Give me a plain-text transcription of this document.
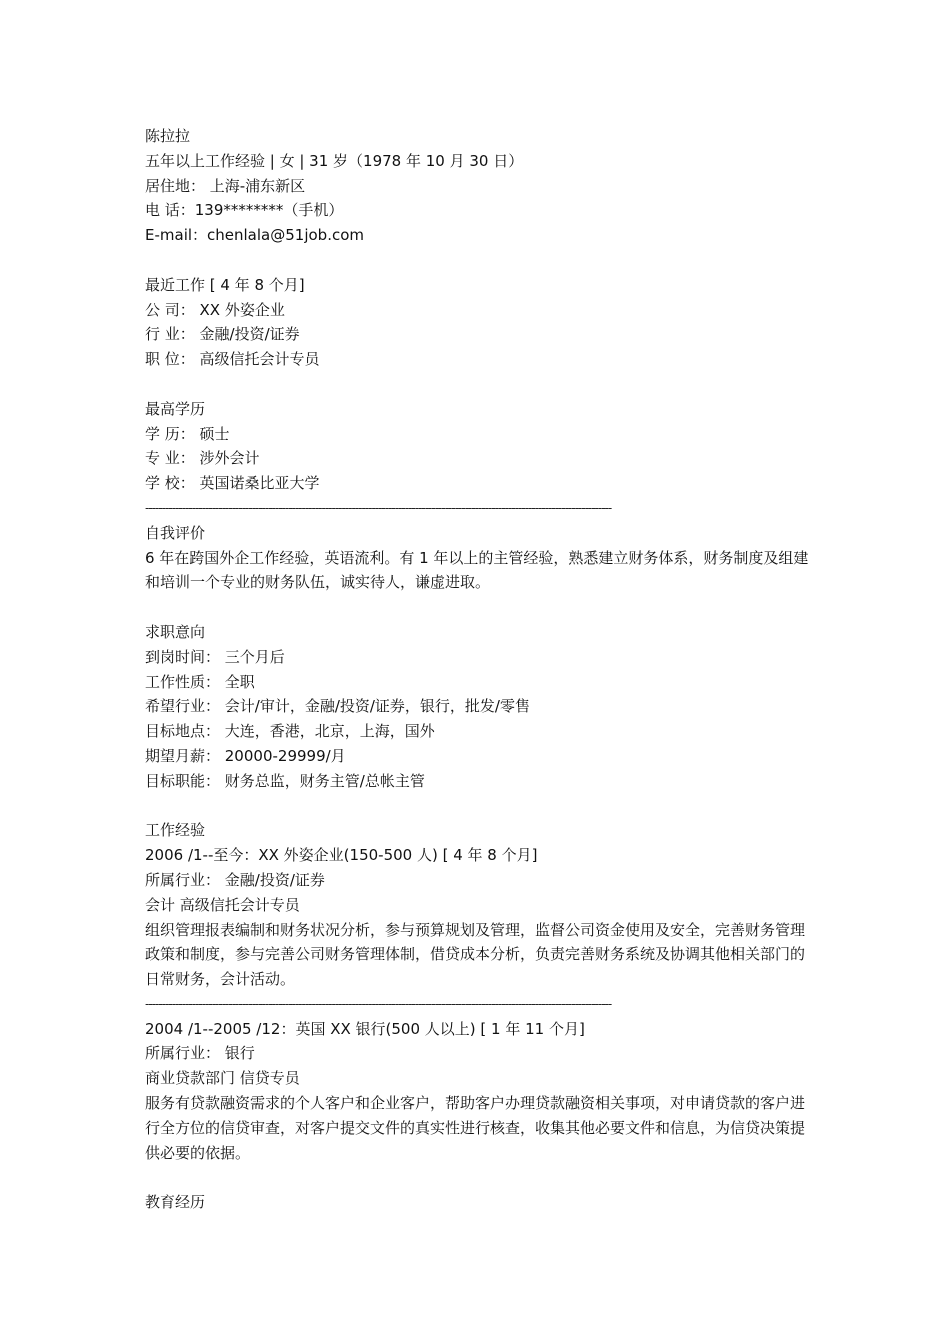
陈拉拉
五年以上工作经验 | 女 | 31 岁（1978 年 10 月 30 日）
居住地： 上海-浦东新区
电 话：139********（手机）
E-mail：chenlala@51job.com
最近工作 [ 4 年 8 个月]
公 司： XX 外姿企业
行 业： 金融/投资/证券
职 位： 高级信托会计专员
最高学历
学 历： 硕士
专 业： 涉外会计
学 校： 英国诺桑比亚大学
--------------------------------------------------------------------------------------------------------------------------------------------
自我评价
6 年在跨国外企工作经验，英语流利。有 1 年以上的主管经验，熟悉建立财务体系，财务制度及组建和培训一个专业的财务队伍，诚实待人，谦虚进取。
求职意向
到岗时间： 三个月后
工作性质： 全职
希望行业： 会计/审计，金融/投资/证券，银行，批发/零售
目标地点： 大连，香港，北京，上海，国外
期望月薪： 20000-29999/月
目标职能： 财务总监，财务主管/总帐主管
工作经验
2006 /1--至今：XX 外姿企业(150-500 人) [ 4 年 8 个月]
所属行业： 金融/投资/证券
会计 高级信托会计专员
组织管理报表编制和财务状况分析，参与预算规划及管理，监督公司资金使用及安全，完善财务管理政策和制度，参与完善公司财务管理体制，借贷成本分析，负责完善财务系统及协调其他相关部门的日常财务，会计活动。
--------------------------------------------------------------------------------------------------------------------------------------------
2004 /1--2005 /12：英国 XX 银行(500 人以上) [ 1 年 11 个月]
所属行业： 银行
商业贷款部门 信贷专员
服务有贷款融资需求的个人客户和企业客户，帮助客户办理贷款融资相关事项，对申请贷款的客户进行全方位的信贷审查，对客户提交文件的真实性进行核查，收集其他必要文件和信息，为信贷决策提供必要的依据。
教育经历
